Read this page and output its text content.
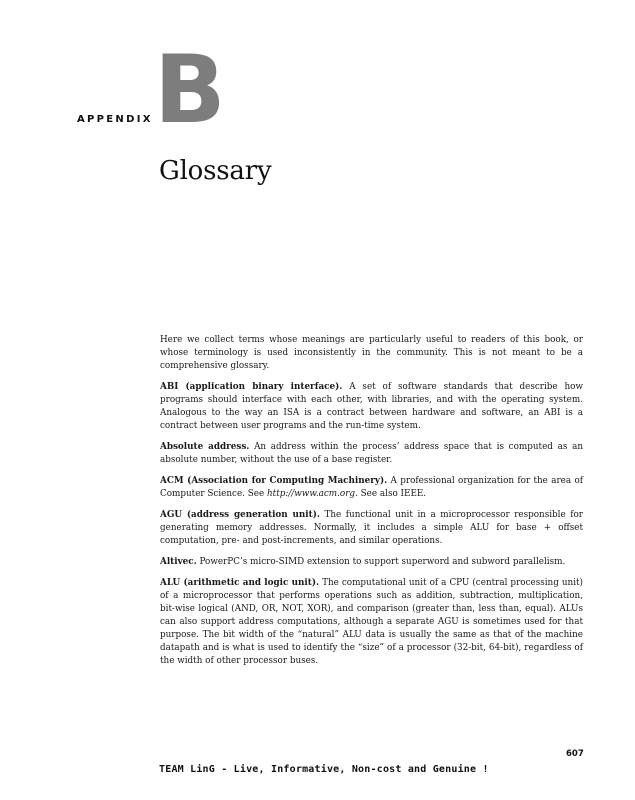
APPENDIX B
Glossary

Here we collect terms whose meanings are particularly useful to readers of this book, or whose terminology is used inconsistently in the community. This is not meant to be a comprehensive glossary.

ABI (application binary interface). A set of software standards that describe how programs should interface with each other, with libraries, and with the operating system. Analogous to the way an ISA is a contract between hardware and software, an ABI is a contract between user programs and the run-time system.

Absolute address. An address within the process’ address space that is computed as an absolute number, without the use of a base register.

ACM (Association for Computing Machinery). A professional organization for the area of Computer Science. See http://www.acm.org. See also IEEE.

AGU (address generation unit). The functional unit in a microprocessor responsible for generating memory addresses. Normally, it includes a simple ALU for base + offset computation, pre- and post-increments, and similar operations.

Altivec. PowerPC’s micro-SIMD extension to support superword and subword parallelism.

ALU (arithmetic and logic unit). The computational unit of a CPU (central processing unit) of a microprocessor that performs operations such as addition, subtraction, multiplication, bit-wise logical (AND, OR, NOT, XOR), and comparison (greater than, less than, equal). ALUs can also support address computations, although a separate AGU is sometimes used for that purpose. The bit width of the “natural” ALU data is usually the same as that of the machine datapath and is what is used to identify the “size” of a processor (32-bit, 64-bit), regardless of the width of other processor buses.

607
TEAM LinG - Live, Informative, Non-cost and Genuine !
